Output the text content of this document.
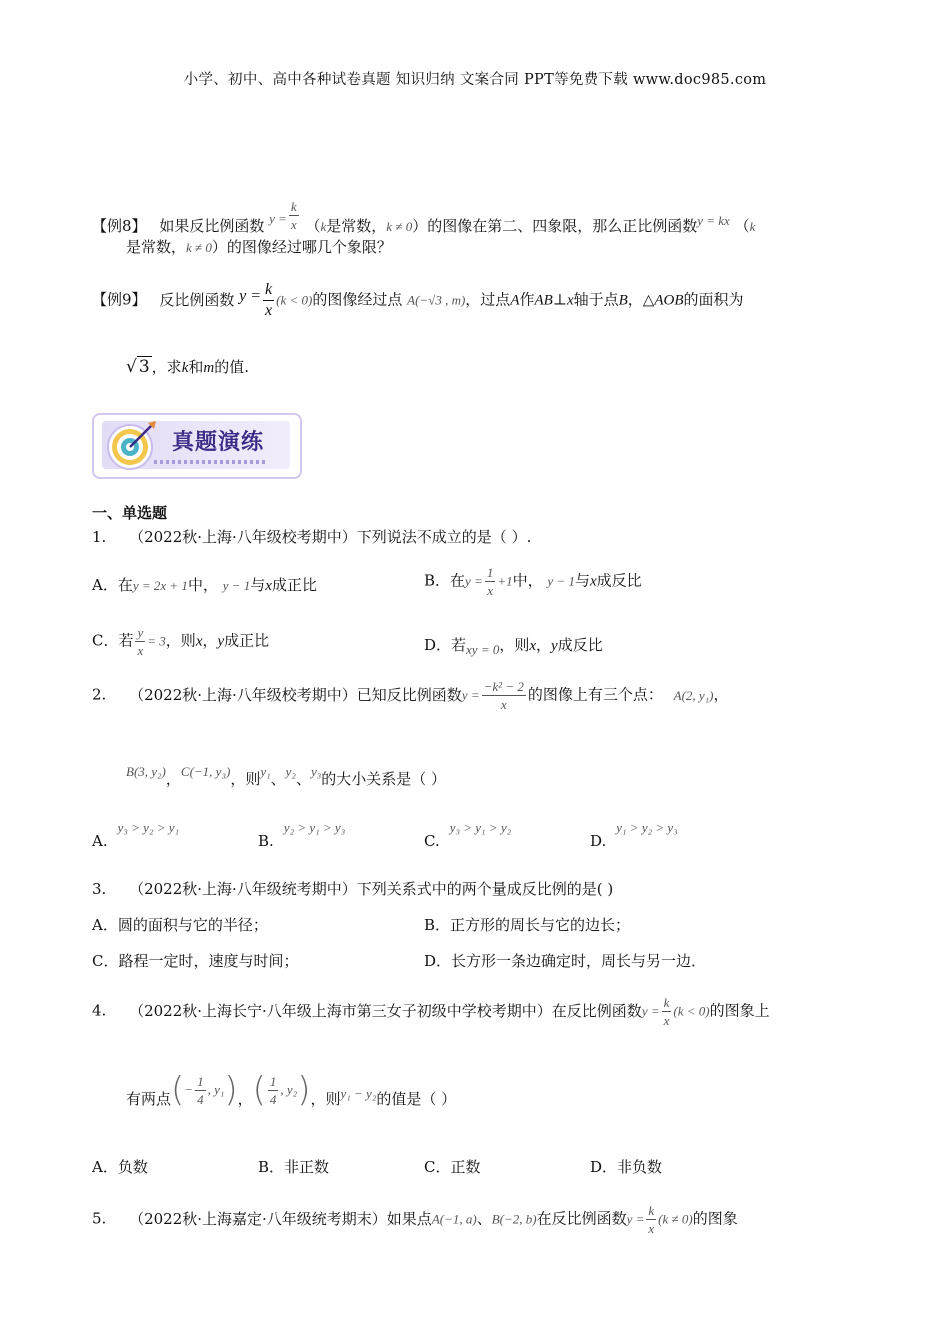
小学、初中、高中各种试卷真题 知识归纳 文案合同 PPT等免费下载 www.doc985.com
【例8】 如果反比例函数 $y = \frac{k}{x} (k$是常数，k ≠ 0）的图像在第二、四象限，那么正比例函数y = kx （k
是常数，k ≠ 0）的图像经过哪几个象限？
【例9】 反比例函数 $y = \frac{k}{x} (k < 0)$的图像经过点 A(−√3 , m)，过点A作AB⊥x轴于点B，△AOB的面积为
√ 3 ，求k和m的值.
真题演练
一、单选题
1. （2022秋·上海·八年级校考期中）下列说法不成立的是（ ）.
A．在y = 2x + 1中， y − 1与x成正比	B．在$y = \frac{1}{x} +1$中， y − 1与x成反比
C．若 $\frac{y}{x} = 3$，则x，y成正比	D．若xy = 0，则x，y成反比
2. （2022秋·上海·八年级校考期中）已知反比例函数$y = \frac{\text{−k² − 2}}{x}$ 的图像上有三个点： A(2, y₁)，
B(3, y₂)，C(−1, y₃)，则y₁、y₂、y₃的大小关系是（ ）
A.y₃ > y₂ > y₁
B.y₂ > y₁ > y₃
C.y₃ > y₁ > y₂
D.y₁ > y₂ > y₃
3. （2022秋·上海·八年级统考期中）下列关系式中的两个量成反比例的是( )
A．圆的面积与它的半径；	B．正方形的周长与它的边长；
C．路程一定时，速度与时间；	D．长方形一条边确定时，周长与另一边．
4. （2022秋·上海长宁·八年级上海市第三女子初级中学校考期中）在反比例函数$y = \frac{k}{x} (k < 0)$的图象上
有两点(− $\frac{1}{4}$ , y₁)，( $\frac{1}{4}$ , y₂)，则y₁ − y₂的值是（ ）
A．负数	B．非正数	C．正数	D．非负数
5. （2022秋·上海嘉定·八年级统考期末）如果点A(−1, a)、B(−2, b)在反比例函数$y = \frac{k}{x} (k \ne 0)$的图象
